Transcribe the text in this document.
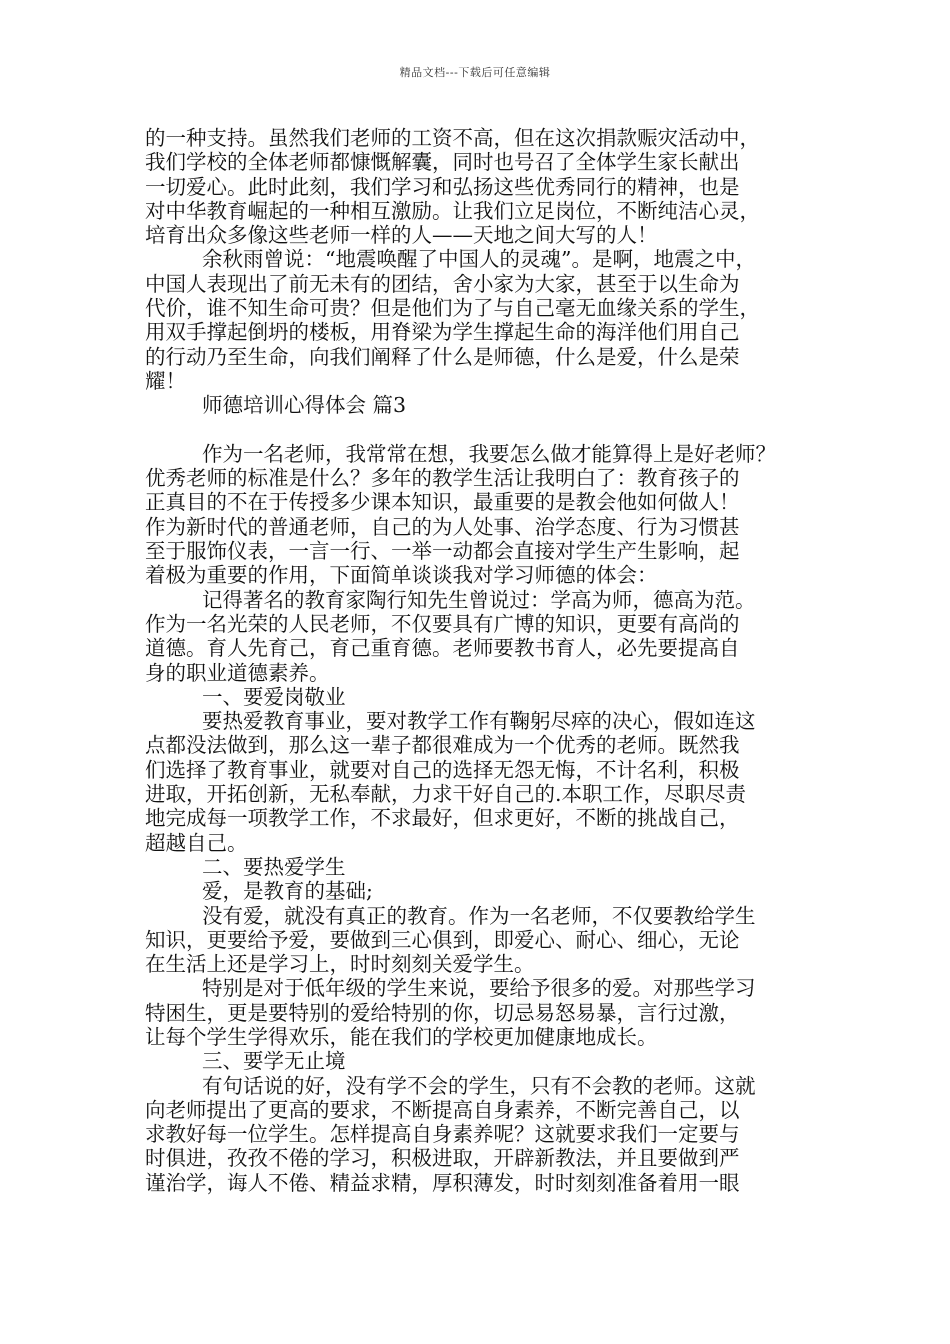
精品文档---下载后可任意编辑
的一种支持。虽然我们老师的工资不高，但在这次捐款赈灾活动中，
我们学校的全体老师都慷慨解囊，同时也号召了全体学生家长献出
一切爱心。此时此刻，我们学习和弘扬这些优秀同行的精神，也是
对中华教育崛起的一种相互激励。让我们立足岗位，不断纯洁心灵，
培育出众多像这些老师一样的人——天地之间大写的人！
余秋雨曾说：“地震唤醒了中国人的灵魂”。是啊，地震之中，
中国人表现出了前无未有的团结，舍小家为大家，甚至于以生命为
代价，谁不知生命可贵？但是他们为了与自己毫无血缘关系的学生，
用双手撑起倒坍的楼板，用脊梁为学生撑起生命的海洋他们用自己
的行动乃至生命，向我们阐释了什么是师德，什么是爱，什么是荣
耀！
师德培训心得体会 篇3
作为一名老师，我常常在想，我要怎么做才能算得上是好老师？
优秀老师的标准是什么？多年的教学生活让我明白了：教育孩子的
正真目的不在于传授多少课本知识，最重要的是教会他如何做人！
作为新时代的普通老师，自己的为人处事、治学态度、行为习惯甚
至于服饰仪表，一言一行、一举一动都会直接对学生产生影响，起
着极为重要的作用，下面简单谈谈我对学习师德的体会：
记得著名的教育家陶行知先生曾说过：学高为师，德高为范。
作为一名光荣的人民老师，不仅要具有广博的知识，更要有高尚的
道德。育人先育己，育己重育德。老师要教书育人，必先要提高自
身的职业道德素养。
一、要爱岗敬业
要热爱教育事业，要对教学工作有鞠躬尽瘁的决心，假如连这
点都没法做到，那么这一辈子都很难成为一个优秀的老师。既然我
们选择了教育事业，就要对自己的选择无怨无悔，不计名利，积极
进取，开拓创新，无私奉献，力求干好自己的.本职工作，尽职尽责
地完成每一项教学工作，不求最好，但求更好，不断的挑战自己，
超越自己。
二、要热爱学生
爱，是教育的基础;
没有爱，就没有真正的教育。作为一名老师，不仅要教给学生
知识，更要给予爱，要做到三心俱到，即爱心、耐心、细心，无论
在生活上还是学习上，时时刻刻关爱学生。
特别是对于低年级的学生来说，要给予很多的爱。对那些学习
特困生，更是要特别的爱给特别的你，切忌易怒易暴，言行过激，
让每个学生学得欢乐，能在我们的学校更加健康地成长。
三、要学无止境
有句话说的好，没有学不会的学生，只有不会教的老师。这就
向老师提出了更高的要求，不断提高自身素养，不断完善自己，以
求教好每一位学生。怎样提高自身素养呢？这就要求我们一定要与
时俱进，孜孜不倦的学习，积极进取，开辟新教法，并且要做到严
谨治学，诲人不倦、精益求精，厚积薄发，时时刻刻准备着用一眼
